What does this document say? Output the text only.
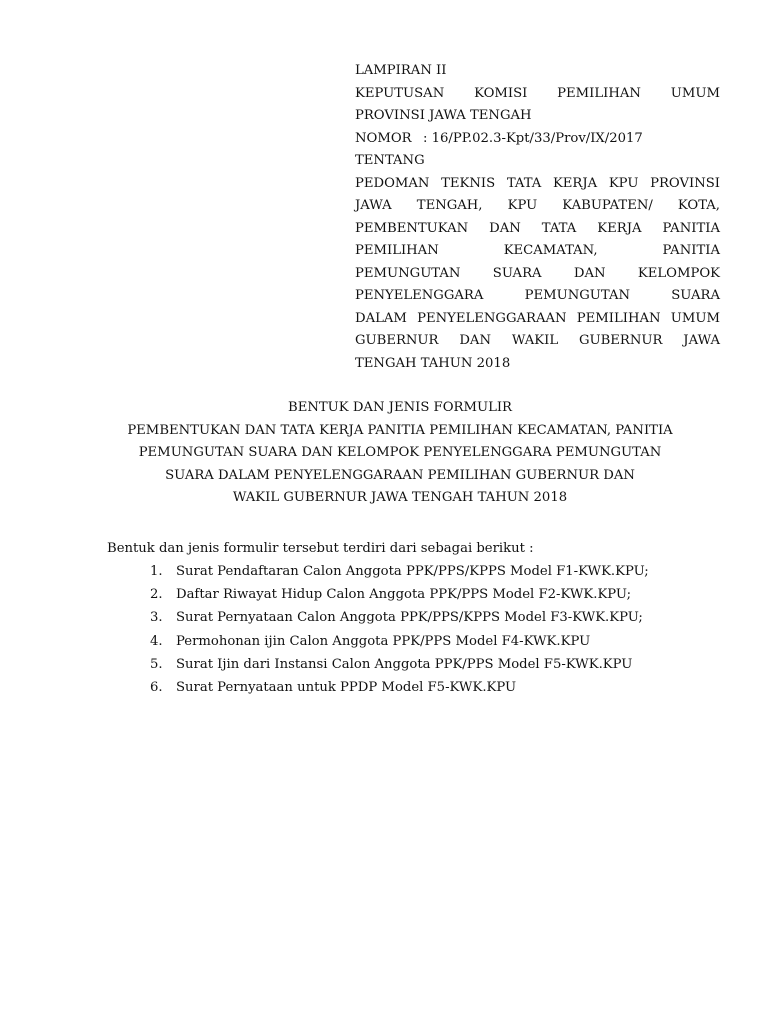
LAMPIRAN II
KEPUTUSAN KOMISI PEMILIHAN UMUM
PROVINSI JAWA TENGAH
NOMOR : 16/PP.02.3-Kpt/33/Prov/IX/2017
TENTANG
PEDOMAN TEKNIS TATA KERJA KPU PROVINSI
JAWA TENGAH, KPU KABUPATEN/ KOTA,
PEMBENTUKAN DAN TATA KERJA PANITIA
PEMILIHAN KECAMATAN, PANITIA
PEMUNGUTAN SUARA DAN KELOMPOK
PENYELENGGARA PEMUNGUTAN SUARA
DALAM PENYELENGGARAAN PEMILIHAN UMUM
GUBERNUR DAN WAKIL GUBERNUR JAWA
TENGAH TAHUN 2018
BENTUK DAN JENIS FORMULIR
PEMBENTUKAN DAN TATA KERJA PANITIA PEMILIHAN KECAMATAN, PANITIA
PEMUNGUTAN SUARA DAN KELOMPOK PENYELENGGARA PEMUNGUTAN
SUARA DALAM PENYELENGGARAAN PEMILIHAN GUBERNUR DAN
WAKIL GUBERNUR JAWA TENGAH TAHUN 2018
Bentuk dan jenis formulir tersebut terdiri dari sebagai berikut :
1. Surat Pendaftaran Calon Anggota PPK/PPS/KPPS Model F1-KWK.KPU;
2. Daftar Riwayat Hidup Calon Anggota PPK/PPS Model F2-KWK.KPU;
3. Surat Pernyataan Calon Anggota PPK/PPS/KPPS Model F3-KWK.KPU;
4. Permohonan ijin Calon Anggota PPK/PPS Model F4-KWK.KPU
5. Surat Ijin dari Instansi Calon Anggota PPK/PPS Model F5-KWK.KPU
6. Surat Pernyataan untuk PPDP Model F5-KWK.KPU
